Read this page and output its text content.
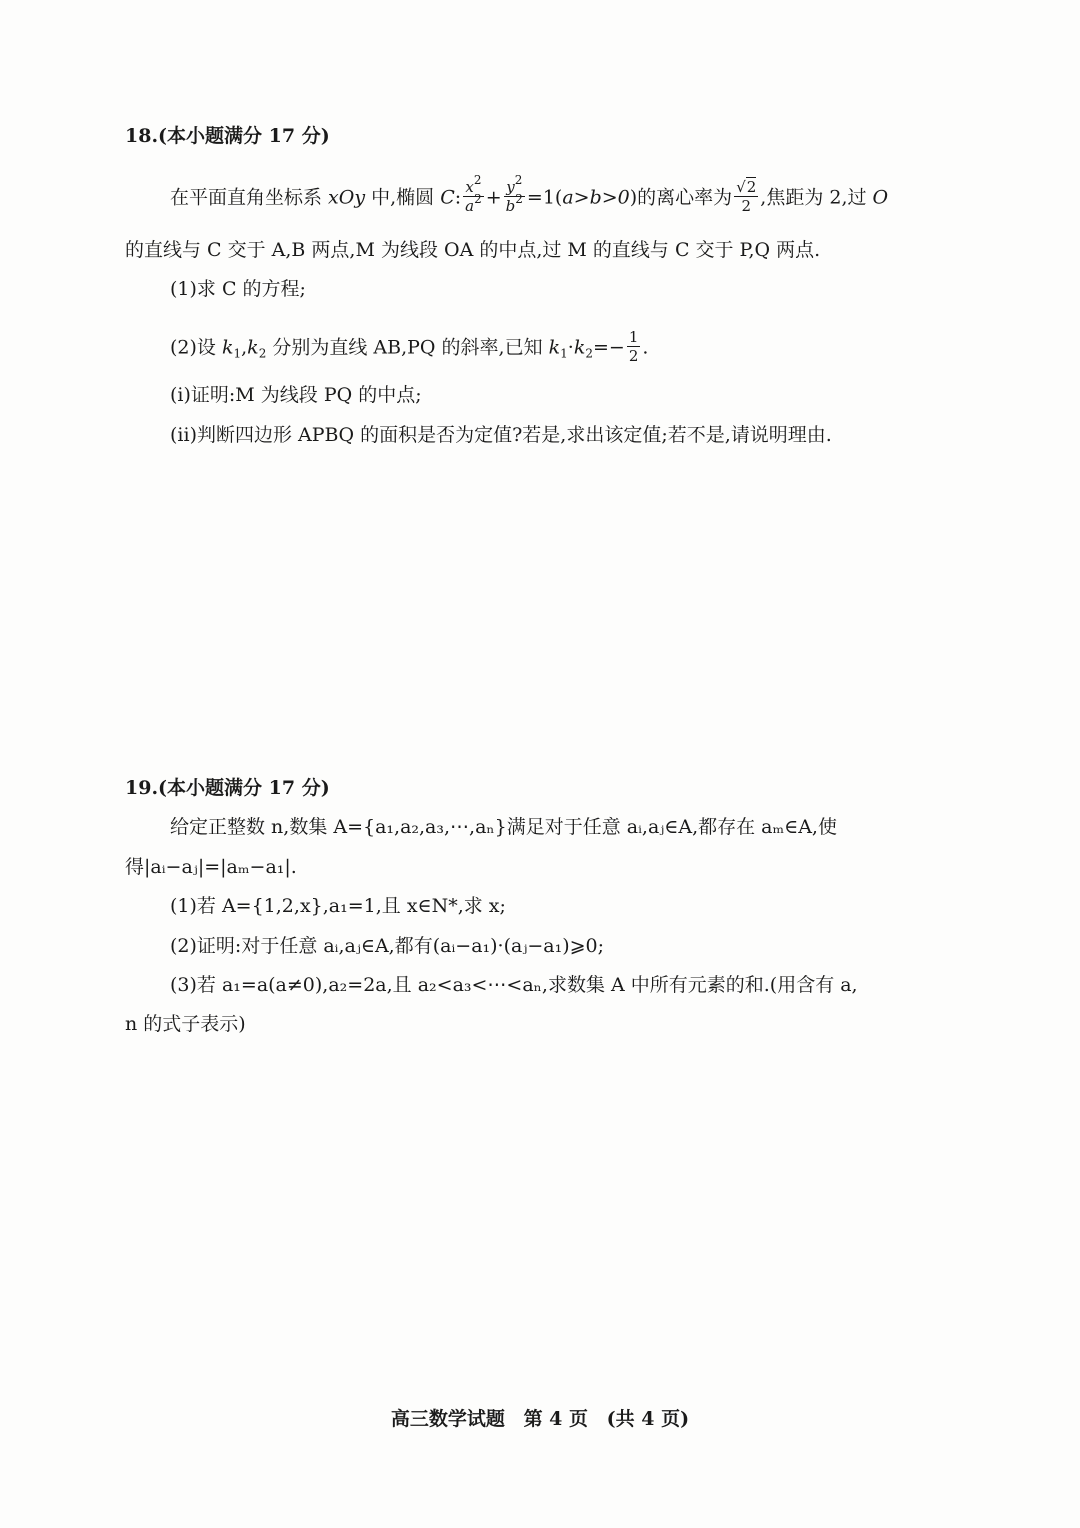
18.(本小题满分 17 分)
在平面直角坐标系 xOy 中,椭圆 C: $\frac{x^2}{a^2} + \frac{y^2}{b^2} =1(a>b>0)$的离心率为 $\frac{√2}{2}$ ,焦距为 2,过 O
的直线与 C 交于 A,B 两点,M 为线段 OA 的中点,过 M 的直线与 C 交于 P,Q 两点.
(1)求 C 的方程;
(2)设 $k_1,k_2$ 分别为直线 AB,PQ 的斜率,已知 $k_1\cdot k_2=- \frac{1}{2}$ .
(i)证明:M 为线段 PQ 的中点;
(ii)判断四边形 APBQ 的面积是否为定值?若是,求出该定值;若不是,请说明理由.
19.(本小题满分 17 分)
给定正整数 n,数集 A={a₁,a₂,a₃,⋯,aₙ}满足对于任意 aᵢ,aⱼ∈A,都存在 aₘ∈A,使
得|aᵢ−aⱼ|=|aₘ−a₁|.
(1)若 A={1,2,x},a₁=1,且 x∈N*,求 x;
(2)证明:对于任意 aᵢ,aⱼ∈A,都有(aᵢ−a₁)·(aⱼ−a₁)⩾0;
(3)若 a₁=a(a≠0),a₂=2a,且 a₂<a₃<⋯<aₙ,求数集 A 中所有元素的和.(用含有 a,
n 的式子表示)
高三数学试题 第 4 页 (共 4 页)
